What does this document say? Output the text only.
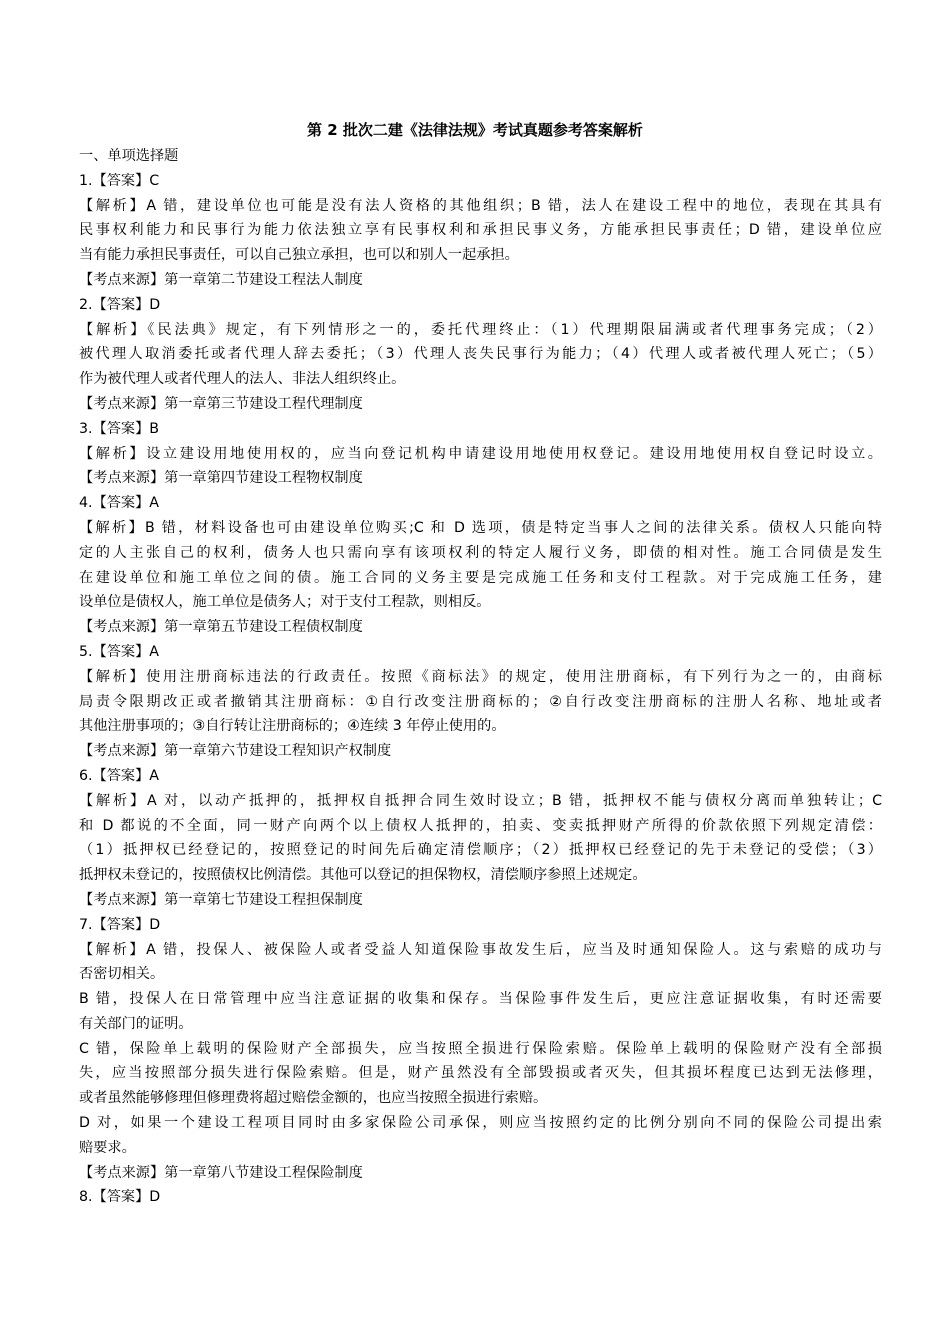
第 2 批次二建《法律法规》考试真题参考答案解析
一、单项选择题
1.【答案】C
【解析】A 错，建设单位也可能是没有法人资格的其他组织；B 错，法人在建设工程中的地位，表现在其具有
民事权利能力和民事行为能力依法独立享有民事权利和承担民事义务，方能承担民事责任；D 错，建设单位应
当有能力承担民事责任，可以自己独立承担，也可以和别人一起承担。
【考点来源】第一章第二节建设工程法人制度
2.【答案】D
【解析】《民法典》规定，有下列情形之一的，委托代理终止：（1）代理期限届满或者代理事务完成；（2）
被代理人取消委托或者代理人辞去委托；（3）代理人丧失民事行为能力；（4）代理人或者被代理人死亡；（5）
作为被代理人或者代理人的法人、非法人组织终止。
【考点来源】第一章第三节建设工程代理制度
3.【答案】B
【解析】设立建设用地使用权的，应当向登记机构申请建设用地使用权登记。建设用地使用权自登记时设立。
【考点来源】第一章第四节建设工程物权制度
4.【答案】A
【解析】B 错，材料设备也可由建设单位购买;C 和 D 选项，债是特定当事人之间的法律关系。债权人只能向特
定的人主张自己的权利，债务人也只需向享有该项权利的特定人履行义务，即债的相对性。施工合同债是发生
在建设单位和施工单位之间的债。施工合同的义务主要是完成施工任务和支付工程款。对于完成施工任务，建
设单位是债权人，施工单位是债务人；对于支付工程款，则相反。
【考点来源】第一章第五节建设工程债权制度
5.【答案】A
【解析】使用注册商标违法的行政责任。按照《商标法》的规定，使用注册商标，有下列行为之一的，由商标
局责令限期改正或者撤销其注册商标：①自行改变注册商标的；②自行改变注册商标的注册人名称、地址或者
其他注册事项的；③自行转让注册商标的；④连续 3 年停止使用的。
【考点来源】第一章第六节建设工程知识产权制度
6.【答案】A
【解析】A 对，以动产抵押的，抵押权自抵押合同生效时设立；B 错，抵押权不能与债权分离而单独转让；C
和 D 都说的不全面，同一财产向两个以上债权人抵押的，拍卖、变卖抵押财产所得的价款依照下列规定清偿：
（1）抵押权已经登记的，按照登记的时间先后确定清偿顺序；（2）抵押权已经登记的先于未登记的受偿；（3）
抵押权未登记的，按照债权比例清偿。其他可以登记的担保物权，清偿顺序参照上述规定。
【考点来源】第一章第七节建设工程担保制度
7.【答案】D
【解析】A 错，投保人、被保险人或者受益人知道保险事故发生后，应当及时通知保险人。这与索赔的成功与
否密切相关。
B 错，投保人在日常管理中应当注意证据的收集和保存。当保险事件发生后，更应注意证据收集，有时还需要
有关部门的证明。
C 错，保险单上载明的保险财产全部损失，应当按照全损进行保险索赔。保险单上载明的保险财产没有全部损
失，应当按照部分损失进行保险索赔。但是，财产虽然没有全部毁损或者灭失，但其损坏程度已达到无法修理，
或者虽然能够修理但修理费将超过赔偿金额的，也应当按照全损进行索赔。
D 对，如果一个建设工程项目同时由多家保险公司承保，则应当按照约定的比例分别向不同的保险公司提出索
赔要求。
【考点来源】第一章第八节建设工程保险制度
8.【答案】D
